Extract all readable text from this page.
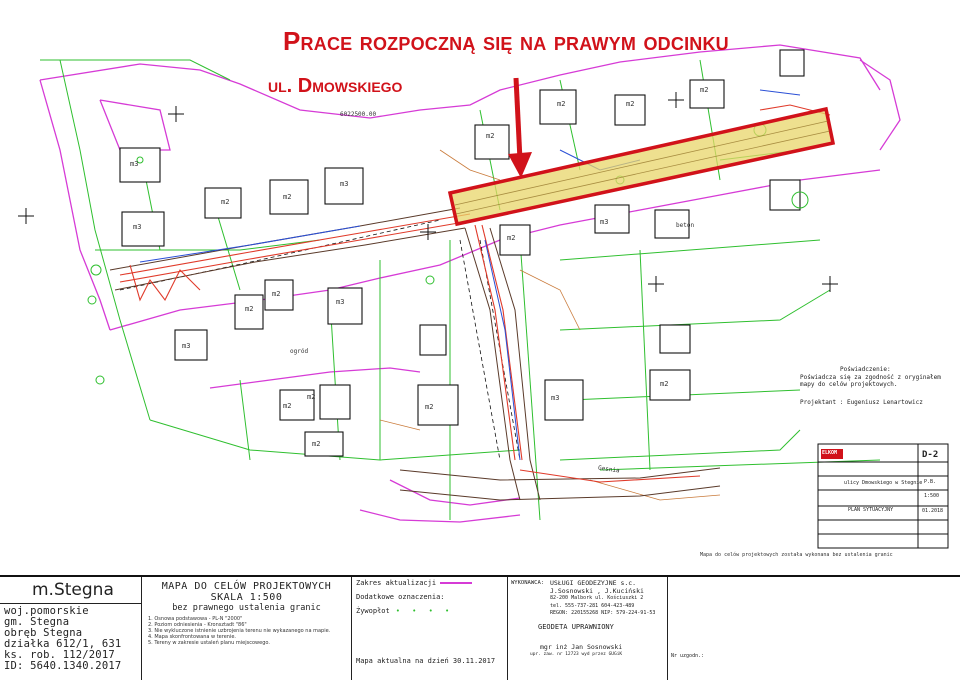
m2
m2
m3
m2
m3
m2
m2
m3
m2
m3
m2
m3
m2
m2
m2
m3
m2
m3
m2
m2
m2
6022500.00
ogród
beton
Gesnia
Prace rozpoczną się na prawym odcinku
ul. Dmowskiego
Poświadczenie:
Poświadcza się za zgodność z oryginałem
mapy do celów projektowych.
Projektant : Eugeniusz Lenartowicz
ELKOM	D-2
ulicy Dmowskiego w Stegnie
PLAN SYTUACYJNY
P.B.
1:500
01.2018
Mapa do celów projektowych została wykonana bez ustalenia granic
m.Stegna
woj.pomorskie
gm. Stegna
obręb Stegna
działka 612/1, 631
ks. rob. 112/2017
ID: 5640.1340.2017
MAPA DO CELÓW PROJEKTOWYCH
SKALA 1:500
bez prawnego ustalenia granic
1. Osnowa podstawowa - PL-N "2000"
2. Poziom odniesienia - Kronsztadt "86"
3. Nie wykluczone istnienie uzbrojenia terenu nie wykazanego na mapie.
4. Mapa skonfrontowana w terenie.
5. Tereny w zakresie ustaleń planu miejscowego.
Zakres aktualizacji
Dodatkowe oznaczenia:
Żywopłot • • • •
Mapa aktualna na dzień 30.11.2017
WYKONAWCA: USŁUGI GEODEZYJNE s.c.
J.Sosnowski , J.Kuciński
82-200 Malbork ul. Kościuszki 2
tel. 555-737-281 604-423-489
REGON: 220155268 NIP: 579-224-91-53
GEODETA UPRAWNIONY
mgr inż Jan Sosnowski
upr. zaw. nr 12723 wyd przez GUGiK	Nr uzgodn.:
